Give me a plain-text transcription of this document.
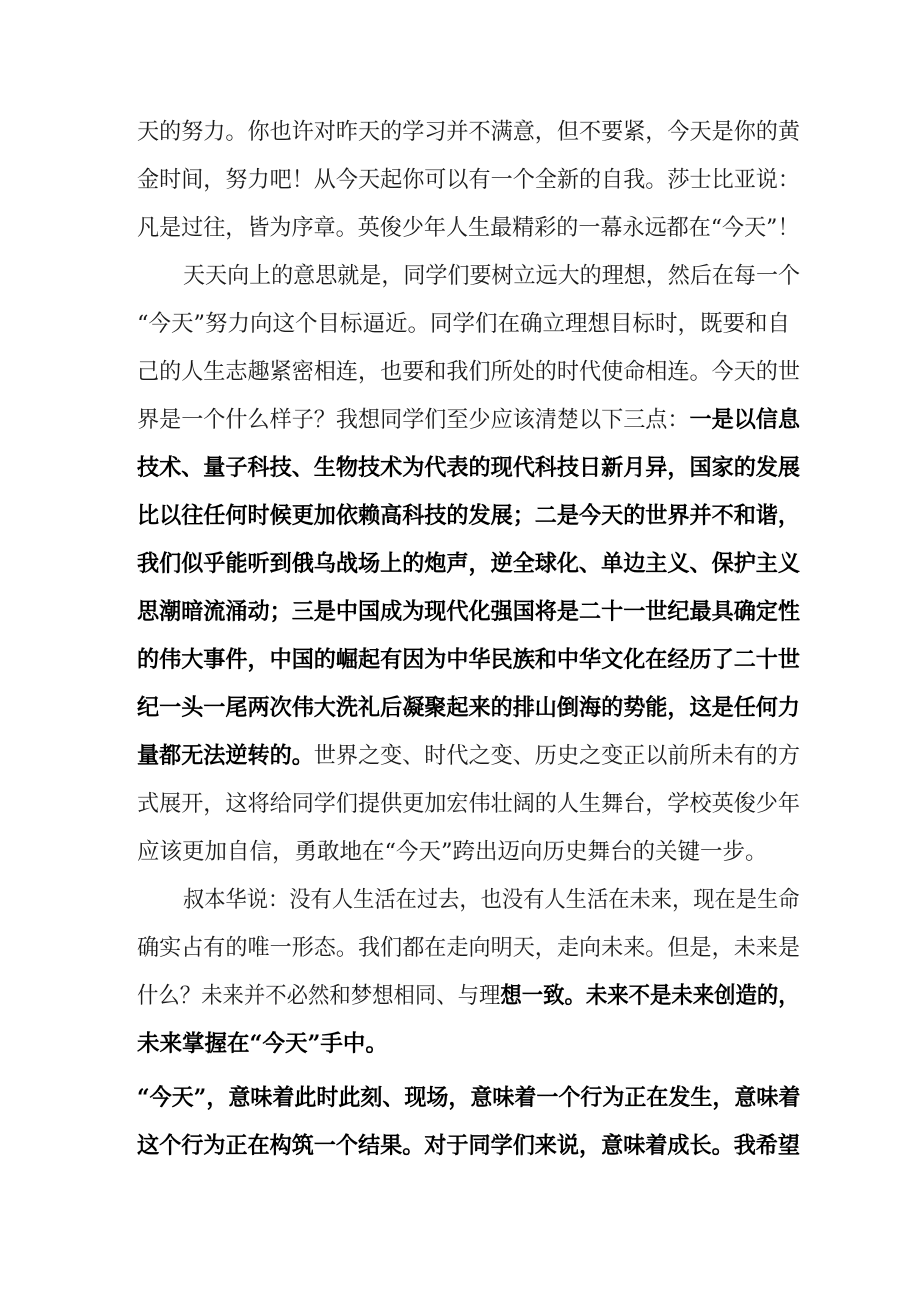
天的努力。你也许对昨天的学习并不满意，但不要紧，今天是你的黄
金时间，努力吧！从今天起你可以有一个全新的自我。莎士比亚说：
凡是过往，皆为序章。英俊少年人生最精彩的一幕永远都在“今天”！
天天向上的意思就是，同学们要树立远大的理想，然后在每一个
“今天”努力向这个目标逼近。同学们在确立理想目标时，既要和自
己的人生志趣紧密相连，也要和我们所处的时代使命相连。今天的世
界是一个什么样子？我想同学们至少应该清楚以下三点：一是以信息
技术、量子科技、生物技术为代表的现代科技日新月异，国家的发展
比以往任何时候更加依赖高科技的发展；二是今天的世界并不和谐，
我们似乎能听到俄乌战场上的炮声，逆全球化、单边主义、保护主义
思潮暗流涌动；三是中国成为现代化强国将是二十一世纪最具确定性
的伟大事件，中国的崛起有因为中华民族和中华文化在经历了二十世
纪一头一尾两次伟大洗礼后凝聚起来的排山倒海的势能，这是任何力
量都无法逆转的。世界之变、时代之变、历史之变正以前所未有的方
式展开，这将给同学们提供更加宏伟壮阔的人生舞台，学校英俊少年
应该更加自信，勇敢地在“今天”跨出迈向历史舞台的关键一步。
叔本华说：没有人生活在过去，也没有人生活在未来，现在是生命
确实占有的唯一形态。我们都在走向明天，走向未来。但是，未来是
什么？未来并不必然和梦想相同、与理想一致。未来不是未来创造的，
未来掌握在“今天”手中。
“今天”，意味着此时此刻、现场，意味着一个行为正在发生，意味着
这个行为正在构筑一个结果。对于同学们来说，意味着成长。我希望
